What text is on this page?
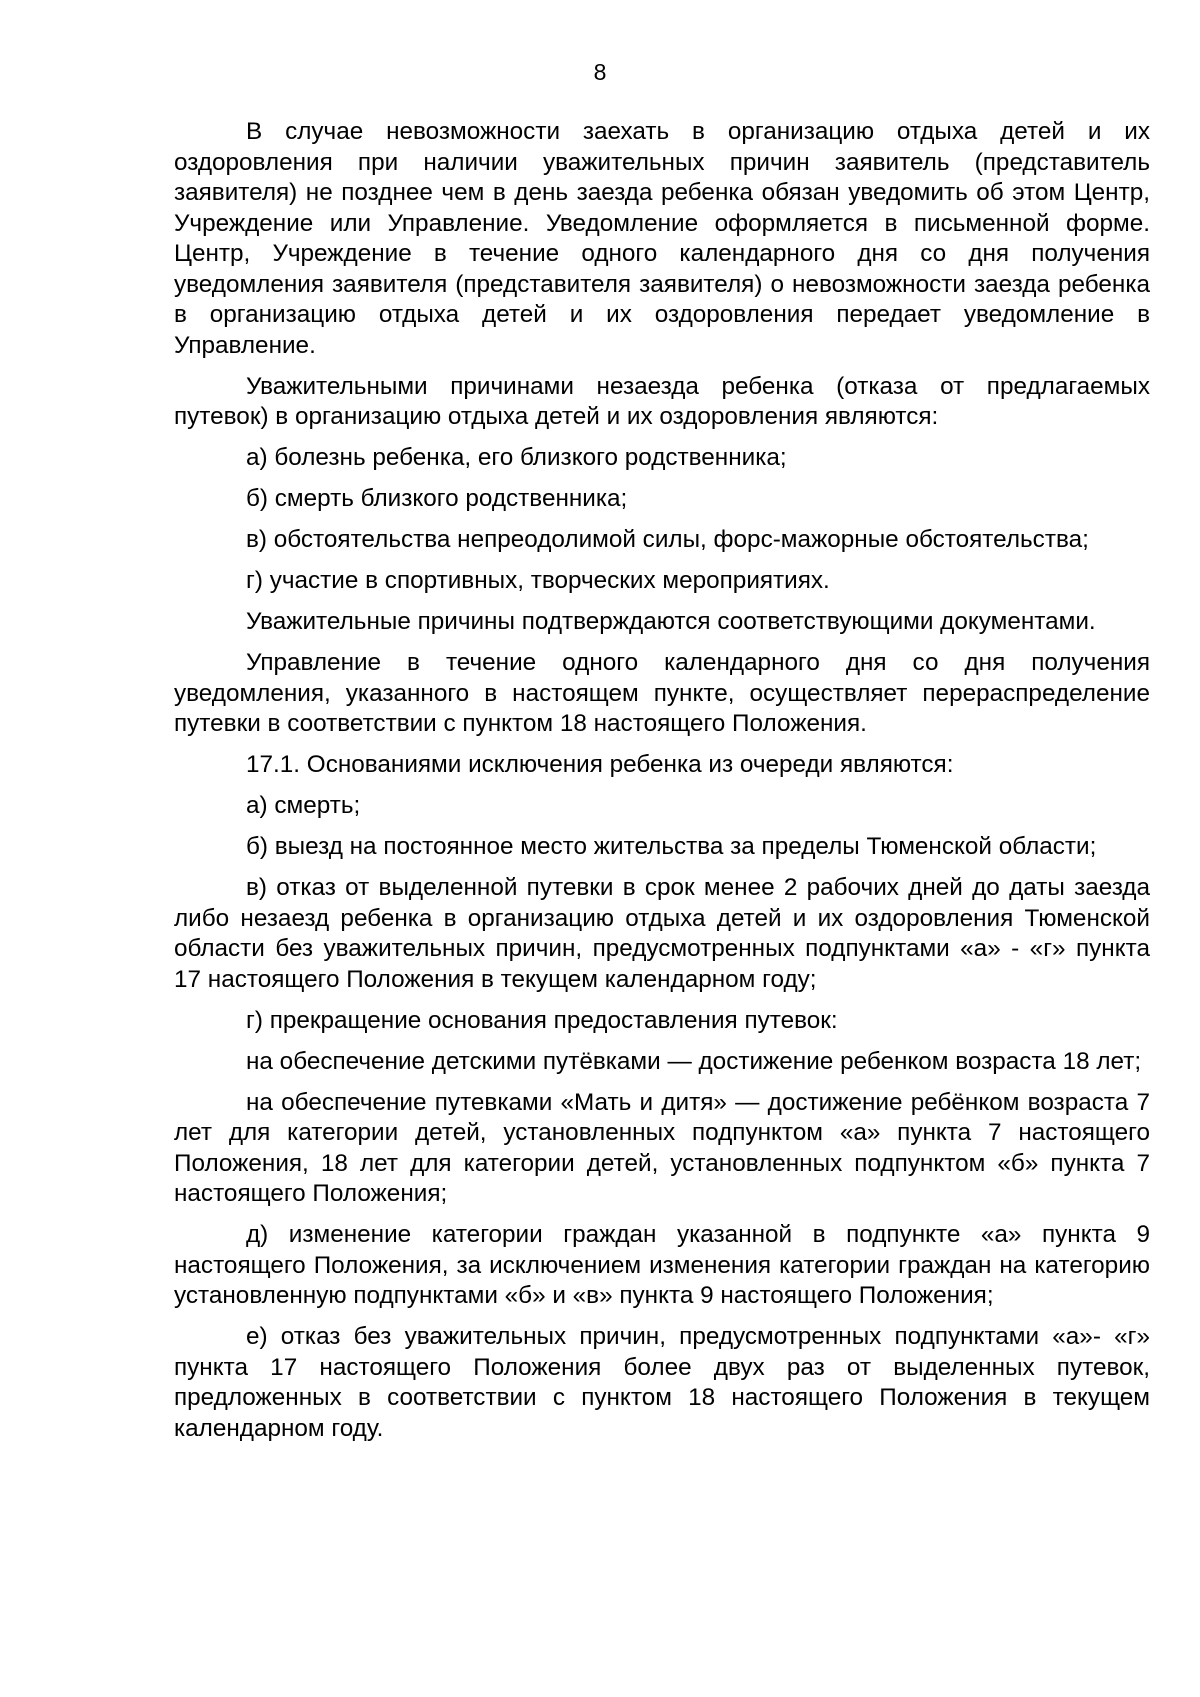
8

В случае невозможности заехать в организацию отдыха детей и их оздоровления при наличии уважительных причин заявитель (представитель заявителя) не позднее чем в день заезда ребенка обязан уведомить об этом Центр, Учреждение или Управление. Уведомление оформляется в письменной форме. Центр, Учреждение в течение одного календарного дня со дня получения уведомления заявителя (представителя заявителя) о невозможности заезда ребенка в организацию отдыха детей и их оздоровления передает уведомление в Управление.

Уважительными причинами незаезда ребенка (отказа от предлагаемых путевок) в организацию отдыха детей и их оздоровления являются:

а) болезнь ребенка, его близкого родственника;

б) смерть близкого родственника;

в) обстоятельства непреодолимой силы, форс-мажорные обстоятельства;

г) участие в спортивных, творческих мероприятиях.

Уважительные причины подтверждаются соответствующими документами.

Управление в течение одного календарного дня со дня получения уведомления, указанного в настоящем пункте, осуществляет перераспределение путевки в соответствии с пунктом 18 настоящего Положения.

17.1. Основаниями исключения ребенка из очереди являются:

а) смерть;

б) выезд на постоянное место жительства за пределы Тюменской области;

в) отказ от выделенной путевки в срок менее 2 рабочих дней до даты заезда либо незаезд ребенка в организацию отдыха детей и их оздоровления Тюменской области без уважительных причин, предусмотренных подпунктами «а» - «г» пункта 17 настоящего Положения в текущем календарном году;

г) прекращение основания предоставления путевок:

на обеспечение детскими путёвками — достижение ребенком возраста 18 лет;

на обеспечение путевками «Мать и дитя» — достижение ребёнком возраста 7 лет для категории детей, установленных подпунктом «а» пункта 7 настоящего Положения, 18 лет для категории детей, установленных подпунктом «б» пункта 7 настоящего Положения;

д) изменение категории граждан указанной в подпункте «а» пункта 9 настоящего Положения, за исключением изменения категории граждан на категорию установленную подпунктами «б» и «в» пункта 9 настоящего Положения;

е) отказ без уважительных причин, предусмотренных подпунктами «а»- «г» пункта 17 настоящего Положения более двух раз от выделенных путевок, предложенных в соответствии с пунктом 18 настоящего Положения в текущем календарном году.
